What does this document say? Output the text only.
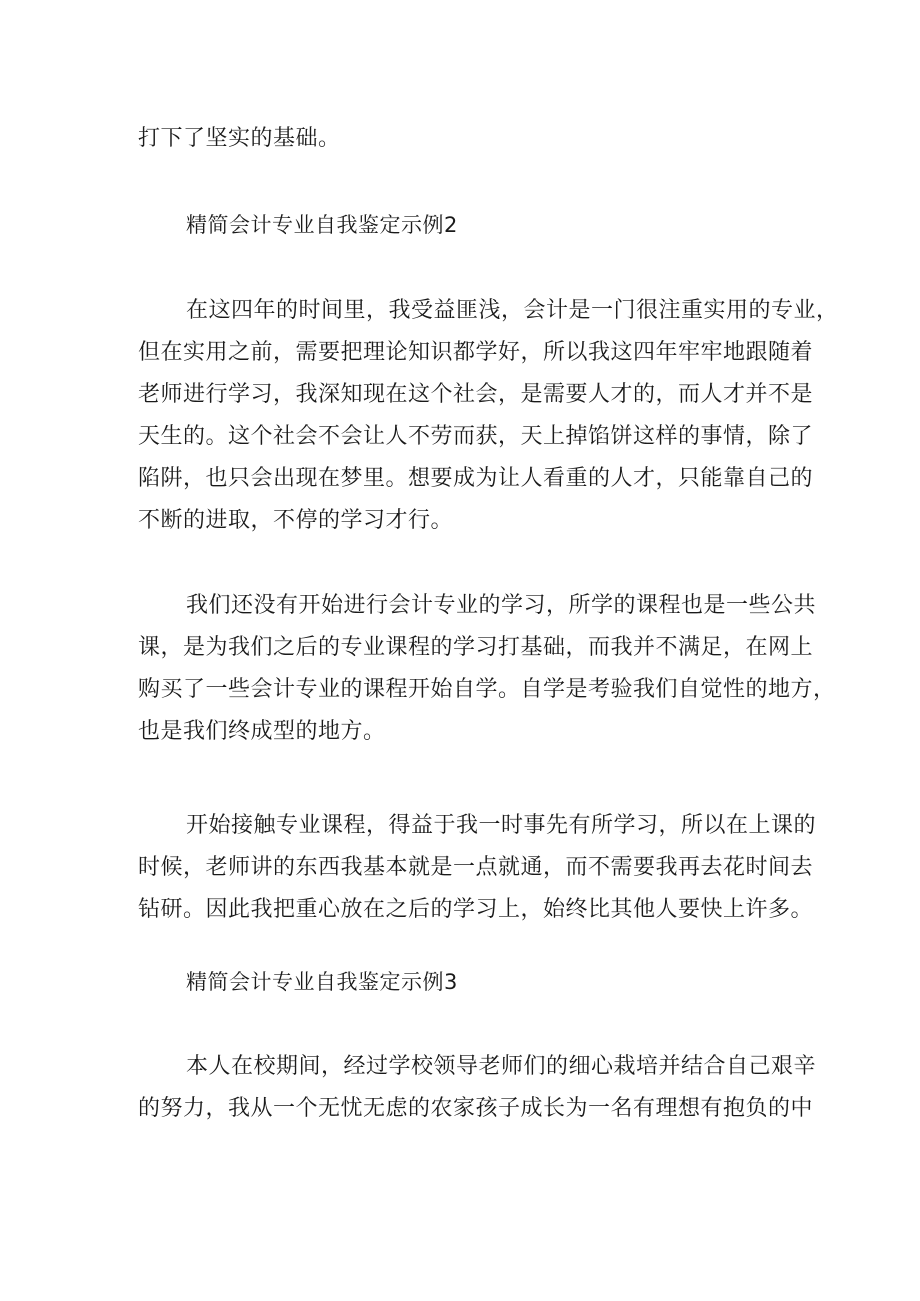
打下了坚实的基础。
精简会计专业自我鉴定示例2
在这四年的时间里，我受益匪浅，会计是一门很注重实用的专业，
但在实用之前，需要把理论知识都学好，所以我这四年牢牢地跟随着
老师进行学习，我深知现在这个社会，是需要人才的，而人才并不是
天生的。这个社会不会让人不劳而获，天上掉馅饼这样的事情，除了
陷阱，也只会出现在梦里。想要成为让人看重的人才，只能靠自己的
不断的进取，不停的学习才行。
我们还没有开始进行会计专业的学习，所学的课程也是一些公共
课，是为我们之后的专业课程的学习打基础，而我并不满足，在网上
购买了一些会计专业的课程开始自学。自学是考验我们自觉性的地方，
也是我们终成型的地方。
开始接触专业课程，得益于我一时事先有所学习，所以在上课的
时候，老师讲的东西我基本就是一点就通，而不需要我再去花时间去
钻研。因此我把重心放在之后的学习上，始终比其他人要快上许多。
精简会计专业自我鉴定示例3
本人在校期间，经过学校领导老师们的细心栽培并结合自己艰辛
的努力，我从一个无忧无虑的农家孩子成长为一名有理想有抱负的中
